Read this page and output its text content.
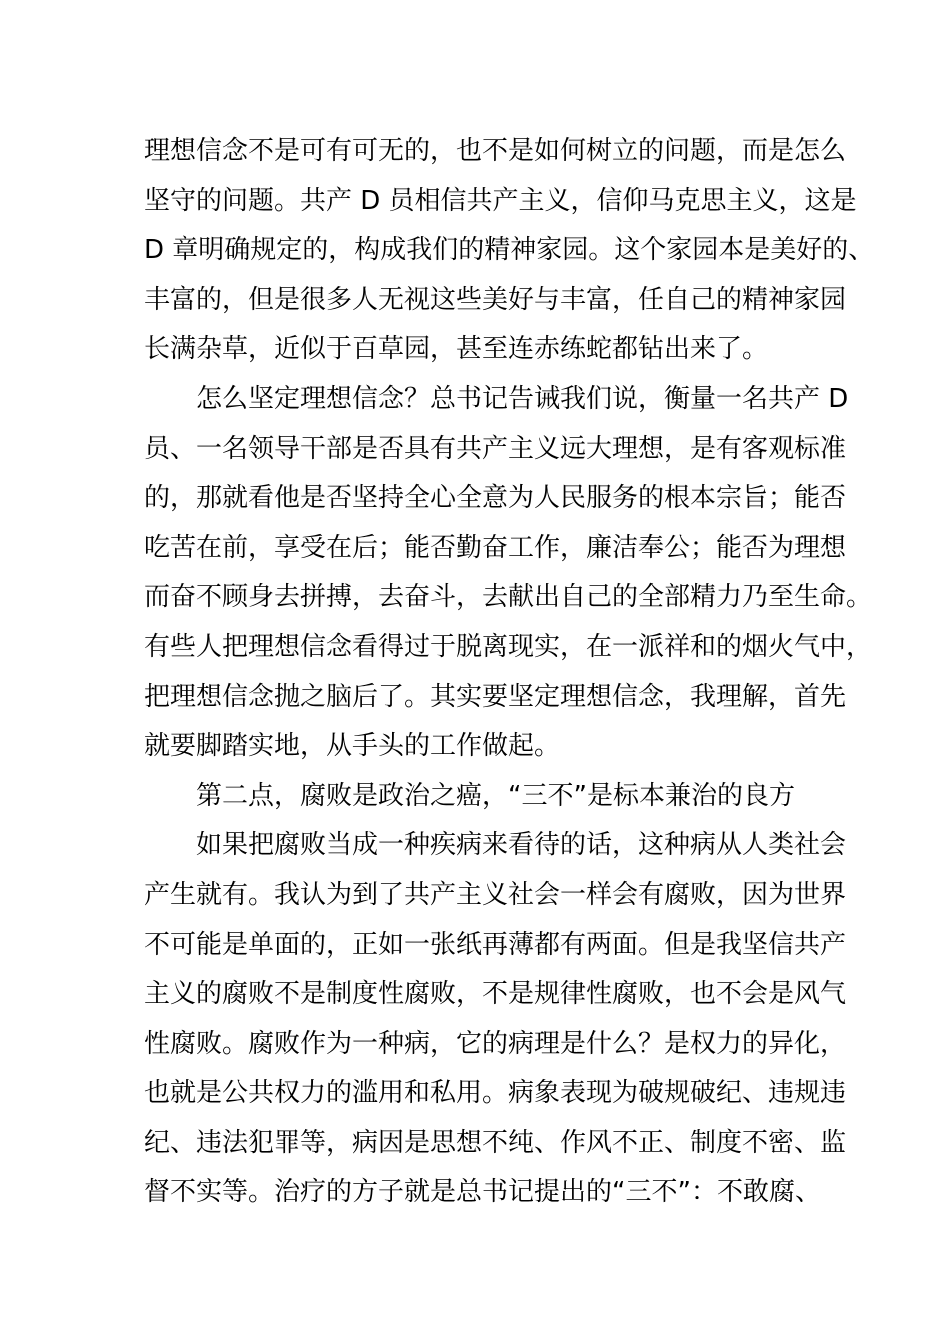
理想信念不是可有可无的，也不是如何树立的问题，而是怎么
坚守的问题。共产 D 员相信共产主义，信仰马克思主义，这是
D 章明确规定的，构成我们的精神家园。这个家园本是美好的、
丰富的，但是很多人无视这些美好与丰富，任自己的精神家园
长满杂草，近似于百草园，甚至连赤练蛇都钻出来了。
怎么坚定理想信念？总书记告诫我们说，衡量一名共产 D
员、一名领导干部是否具有共产主义远大理想，是有客观标准
的，那就看他是否坚持全心全意为人民服务的根本宗旨；能否
吃苦在前，享受在后；能否勤奋工作，廉洁奉公；能否为理想
而奋不顾身去拼搏，去奋斗，去献出自己的全部精力乃至生命。
有些人把理想信念看得过于脱离现实，在一派祥和的烟火气中，
把理想信念抛之脑后了。其实要坚定理想信念，我理解，首先
就要脚踏实地，从手头的工作做起。
第二点，腐败是政治之癌，“三不”是标本兼治的良方
如果把腐败当成一种疾病来看待的话，这种病从人类社会
产生就有。我认为到了共产主义社会一样会有腐败，因为世界
不可能是单面的，正如一张纸再薄都有两面。但是我坚信共产
主义的腐败不是制度性腐败，不是规律性腐败，也不会是风气
性腐败。腐败作为一种病，它的病理是什么？是权力的异化，
也就是公共权力的滥用和私用。病象表现为破规破纪、违规违
纪、违法犯罪等，病因是思想不纯、作风不正、制度不密、监
督不实等。治疗的方子就是总书记提出的“三不”：不敢腐、
